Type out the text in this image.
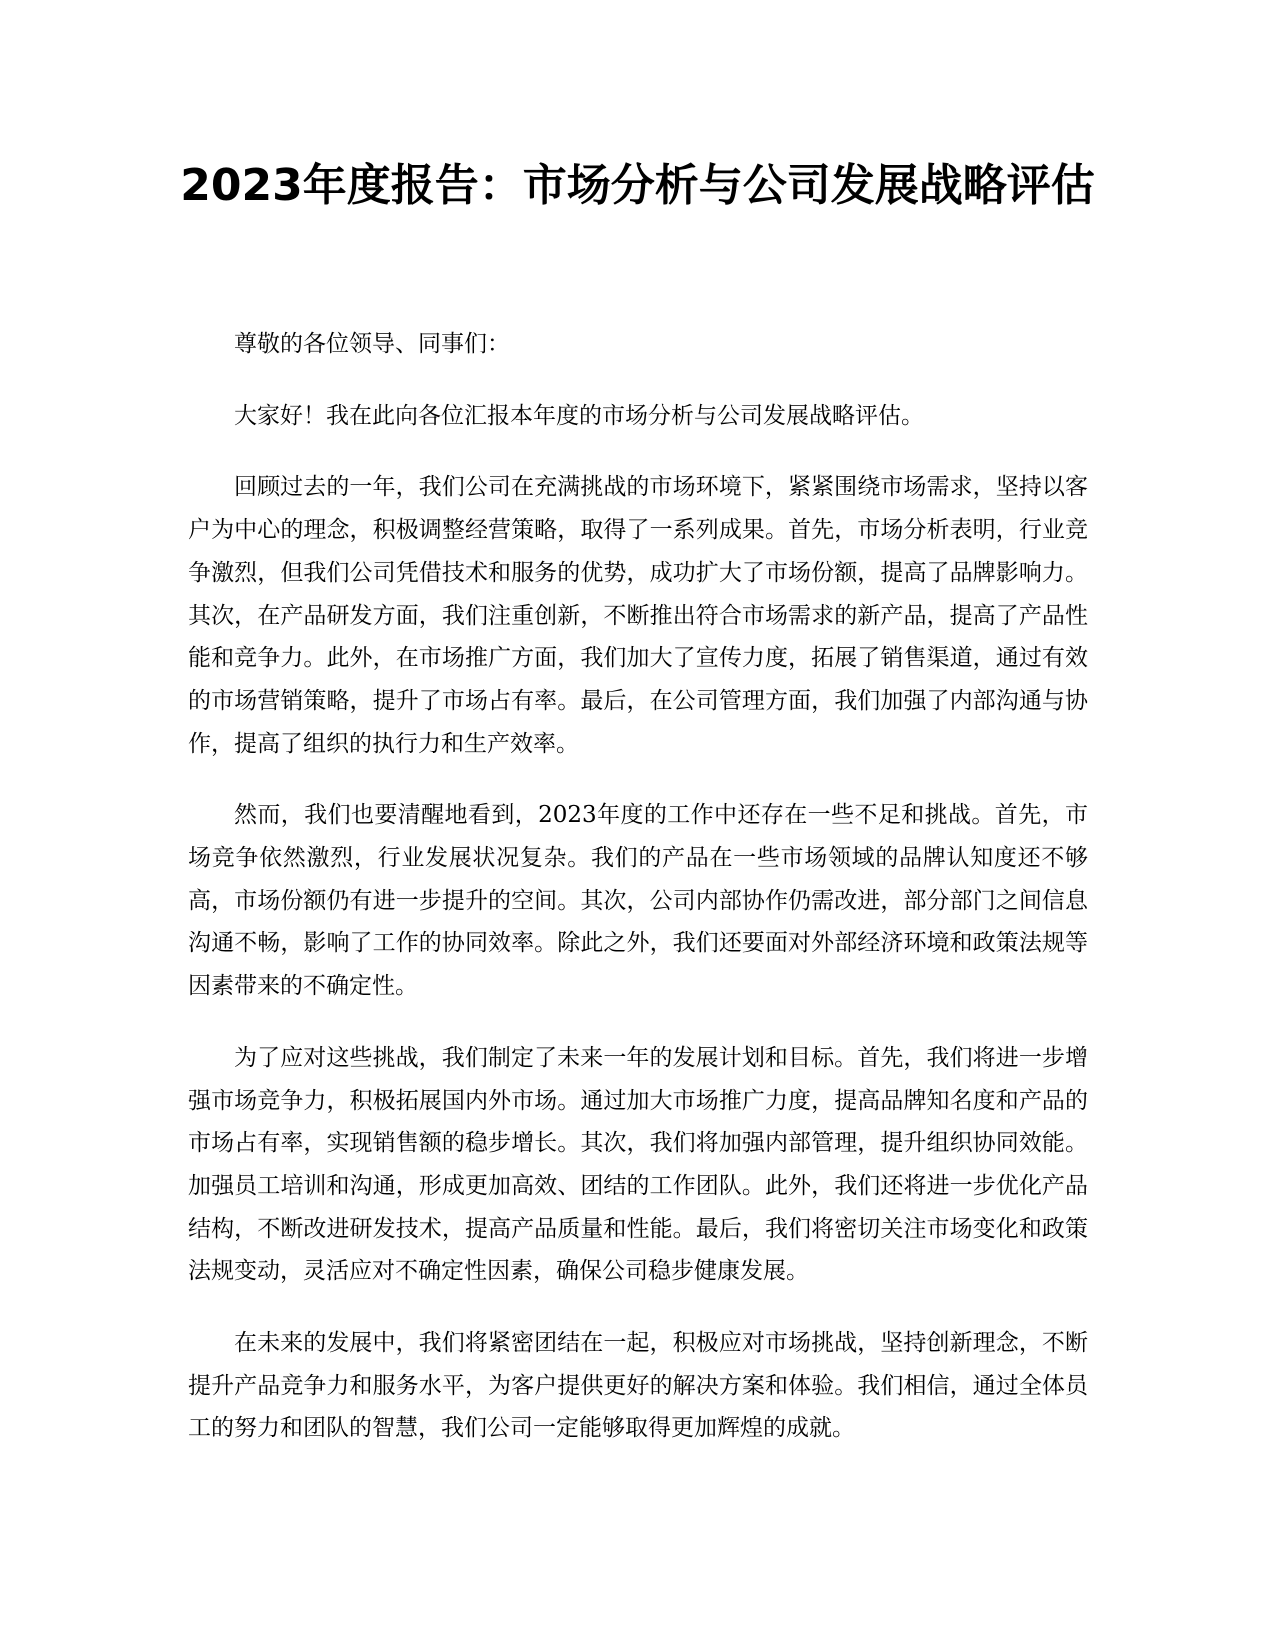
2023年度报告：市场分析与公司发展战略评估

尊敬的各位领导、同事们：

大家好！我在此向各位汇报本年度的市场分析与公司发展战略评估。

回顾过去的一年，我们公司在充满挑战的市场环境下，紧紧围绕市场需求，坚持以客户为中心的理念，积极调整经营策略，取得了一系列成果。首先，市场分析表明，行业竞争激烈，但我们公司凭借技术和服务的优势，成功扩大了市场份额，提高了品牌影响力。其次，在产品研发方面，我们注重创新，不断推出符合市场需求的新产品，提高了产品性能和竞争力。此外，在市场推广方面，我们加大了宣传力度，拓展了销售渠道，通过有效的市场营销策略，提升了市场占有率。最后，在公司管理方面，我们加强了内部沟通与协作，提高了组织的执行力和生产效率。

然而，我们也要清醒地看到，2023年度的工作中还存在一些不足和挑战。首先，市场竞争依然激烈，行业发展状况复杂。我们的产品在一些市场领域的品牌认知度还不够高，市场份额仍有进一步提升的空间。其次，公司内部协作仍需改进，部分部门之间信息沟通不畅，影响了工作的协同效率。除此之外，我们还要面对外部经济环境和政策法规等因素带来的不确定性。

为了应对这些挑战，我们制定了未来一年的发展计划和目标。首先，我们将进一步增强市场竞争力，积极拓展国内外市场。通过加大市场推广力度，提高品牌知名度和产品的市场占有率，实现销售额的稳步增长。其次，我们将加强内部管理，提升组织协同效能。加强员工培训和沟通，形成更加高效、团结的工作团队。此外，我们还将进一步优化产品结构，不断改进研发技术，提高产品质量和性能。最后，我们将密切关注市场变化和政策法规变动，灵活应对不确定性因素，确保公司稳步健康发展。

在未来的发展中，我们将紧密团结在一起，积极应对市场挑战，坚持创新理念，不断提升产品竞争力和服务水平，为客户提供更好的解决方案和体验。我们相信，通过全体员工的努力和团队的智慧，我们公司一定能够取得更加辉煌的成就。
